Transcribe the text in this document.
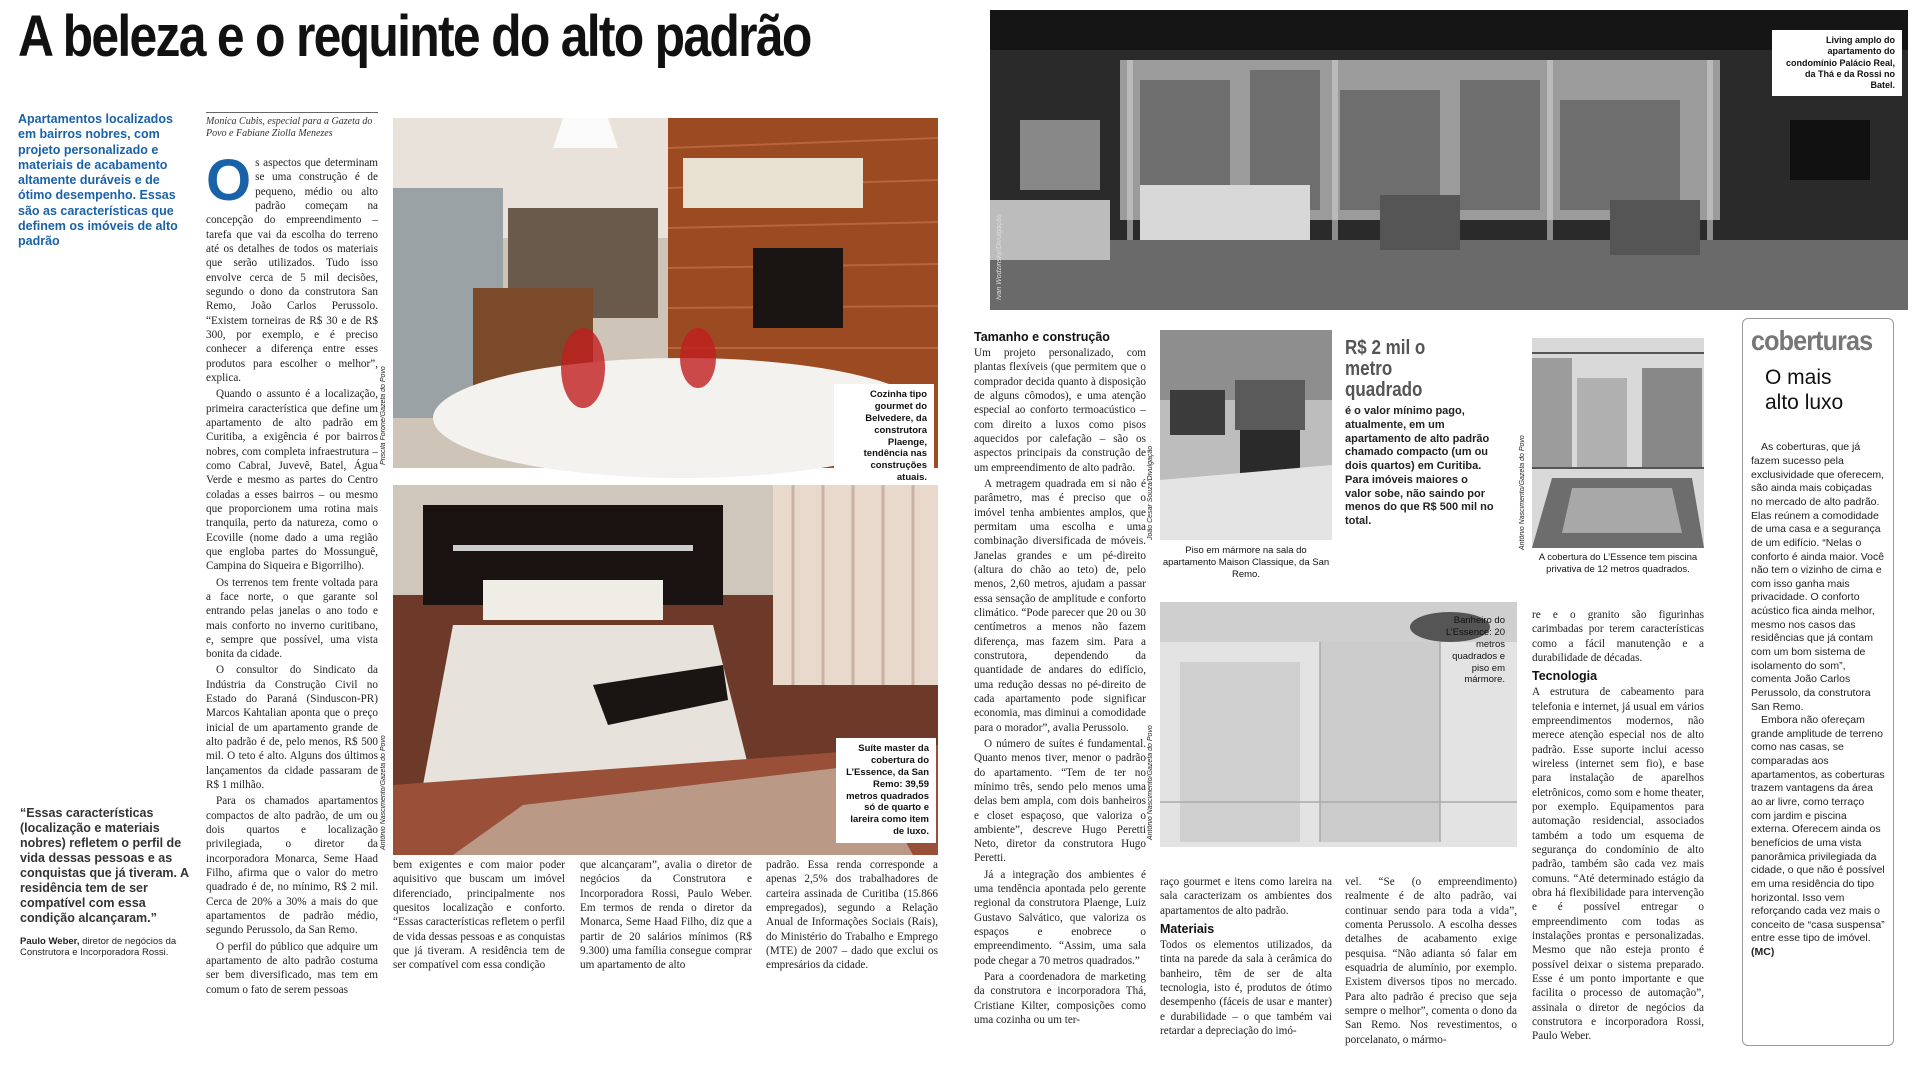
A beleza e o requinte do alto padrão
Apartamentos localizados em bairros nobres, com projeto personalizado e materiais de acabamento altamente duráveis e de ótimo desempenho. Essas são as características que definem os imóveis de alto padrão
“Essas características (localização e materiais nobres) refletem o perfil de vida dessas pessoas e as conquistas que já tiveram. A residência tem de ser compatível com essa condição alcançaram.”
Paulo Weber, diretor de negócios da Construtora e Incorporadora Rossi.
Monica Cubis, especial para a Gazeta do Povo e Fabiane Ziolla Menezes
O s aspectos que determinam se uma construção é de pequeno, médio ou alto padrão começam na concepção do empreendimento – tarefa que vai da escolha do terreno até os detalhes de todos os materiais que serão utilizados. Tudo isso envolve cerca de 5 mil decisões, segundo o dono da construtora San Remo, João Carlos Perussolo. “Existem torneiras de R$ 30 e de R$ 300, por exemplo, e é preciso conhecer a diferença entre esses produtos para escolher o melhor”, explica.

Quando o assunto é a localização, primeira característica que define um apartamento de alto padrão em Curitiba, a exigência é por bairros nobres, com completa infraestrutura – como Cabral, Juvevê, Batel, Água Verde e mesmo as partes do Centro coladas a esses bairros – ou mesmo que proporcionem uma rotina mais tranquila, perto da natureza, como o Ecoville (nome dado a uma região que engloba partes do Mossunguê, Campina do Siqueira e Bigorrilho).

Os terrenos tem frente voltada para a face norte, o que garante sol entrando pelas janelas o ano todo e mais conforto no inverno curitibano, e, sempre que possível, uma vista bonita da cidade.

O consultor do Sindicato da Indústria da Construção Civil no Estado do Paraná (Sinduscon-PR) Marcos Kahtalian aponta que o preço inicial de um apartamento grande de alto padrão é de, pelo menos, R$ 500 mil. O teto é alto. Alguns dos últimos lançamentos da cidade passaram de R$ 1 milhão.

Para os chamados apartamentos compactos de alto padrão, de um ou dois quartos e localização privilegiada, o diretor da incorporadora Monarca, Seme Haad Filho, afirma que o valor do metro quadrado é de, no mínimo, R$ 2 mil. Cerca de 20% a 30% a mais do que apartamentos de padrão médio, segundo Perussolo, da San Remo.

O perfil do público que adquire um apartamento de alto padrão costuma ser bem diversificado, mas tem em comum o fato de serem pessoas

Priscila Forone/Gazeta do Povo	Cozinha tipo gourmet do Belvedere, da construtora Plaenge, tendência nas construções atuais.
Antônio Nascimento/Gazeta do Povo	Suíte master da cobertura do L’Essence, da San Remo: 39,59 metros quadrados só de quarto e lareira como item de luxo.

bem exigentes e com maior poder aquisitivo que buscam um imóvel diferenciado, principalmente nos quesitos localização e conforto. “Essas características refletem o perfil de vida dessas pessoas e as conquistas que já tiveram. A residência tem de ser compatível com essa condição

que alcançaram”, avalia o diretor de negócios da Construtora e Incorporadora Rossi, Paulo Weber. Em termos de renda o diretor da Monarca, Seme Haad Filho, diz que a partir de 20 salários mínimos (R$ 9.300) uma família consegue comprar um apartamento de alto

padrão. Essa renda corresponde a apenas 2,5% dos trabalhadores de carteira assinada de Curitiba (15.866 empregados), segundo a Relação Anual de Informações Sociais (Rais), do Ministério do Trabalho e Emprego (MTE) de 2007 – dado que exclui os empresários da cidade.

Ivan Wodzinsky/Divulgação
Living amplo do apartamento do condomínio Palácio Real, da Thá e da Rossi no Batel.
Tamanho e construção

Um projeto personalizado, com plantas flexíveis (que permitem que o comprador decida quanto à disposição de alguns cômodos), e uma atenção especial ao conforto termoacústico – com direito a luxos como pisos aquecidos por calefação – são os aspectos principais da construção de um empreendimento de alto padrão.

A metragem quadrada em si não é parâmetro, mas é preciso que o imóvel tenha ambientes amplos, que permitam uma escolha e uma combinação diversificada de móveis. Janelas grandes e um pé-direito (altura do chão ao teto) de, pelo menos, 2,60 metros, ajudam a passar essa sensação de amplitude e conforto climático. “Pode parecer que 20 ou 30 centímetros a menos não fazem diferença, mas fazem sim. Para a construtora, dependendo da quantidade de andares do edifício, uma redução dessas no pé-direito de cada apartamento pode significar economia, mas diminui a comodidade para o morador”, avalia Perussolo.

O número de suítes é fundamental. Quanto menos tiver, menor o padrão do apartamento. “Tem de ter no mínimo três, sendo pelo menos uma delas bem ampla, com dois banheiros e closet espaçoso, que valoriza o ambiente”, descreve Hugo Peretti Neto, diretor da construtora Hugo Peretti.

Já a integração dos ambientes é uma tendência apontada pelo gerente regional da construtora Plaenge, Luiz Gustavo Salvático, que valoriza os espaços e enobrece o empreendimento. “Assim, uma sala pode chegar a 70 metros quadrados.”

Para a coordenadora de marketing da construtora e incorporadora Thá, Cristiane Kilter, composições como uma cozinha ou um ter-

João Cesar Souza/Divulgação
Piso em mármore na sala do apartamento Maison Classique, da San Remo.
R$ 2 mil o metro
quadrado
é o valor mínimo pago, atualmente, em um apartamento de alto padrão chamado compacto (um ou dois quartos) em Curitiba. Para imóveis maiores o valor sobe, não saindo por menos do que R$ 500 mil no total.	Antônio Nascimento/Gazeta do Povo
A cobertura do L’Essence tem piscina privativa de 12 metros quadrados.
Antônio Nascimento/Gazeta do Povo
Banheiro do L’Essence: 20 metros quadrados e piso em mármore.

raço gourmet e itens como lareira na sala caracterizam os ambientes dos apartamentos de alto padrão.

Materiais

Todos os elementos utilizados, da tinta na parede da sala à cerâmica do banheiro, têm de ser de alta tecnologia, isto é, produtos de ótimo desempenho (fáceis de usar e manter) e durabilidade – o que também vai retardar a depreciação do imó-

vel. “Se (o empreendimento) realmente é de alto padrão, vai continuar sendo para toda a vida”, comenta Perussolo. A escolha desses detalhes de acabamento exige pesquisa. “Não adianta só falar em esquadria de alumínio, por exemplo. Existem diversos tipos no mercado. Para alto padrão é preciso que seja sempre o melhor”, comenta o dono da San Remo. Nos revestimentos, o porcelanato, o mármo-

re e o granito são figurinhas carimbadas por terem características como a fácil manutenção e a durabilidade de décadas.

Tecnologia

A estrutura de cabeamento para telefonia e internet, já usual em vários empreendimentos modernos, não merece atenção especial nos de alto padrão. Esse suporte inclui acesso wireless (internet sem fio), e base para instalação de aparelhos eletrônicos, como som e home theater, por exemplo. Equipamentos para automação residencial, associados também a todo um esquema de segurança do condomínio de alto padrão, também são cada vez mais comuns. “Até determinado estágio da obra há flexibilidade para intervenção e é possível entregar o empreendimento com todas as instalações prontas e personalizadas. Mesmo que não esteja pronto é possível deixar o sistema preparado. Esse é um ponto importante e que facilita o processo de automação”, assinala o diretor de negócios da construtora e incorporadora Rossi, Paulo Weber.

coberturas
O mais
alto luxo

As coberturas, que já fazem sucesso pela exclusividade que oferecem, são ainda mais cobiçadas no mercado de alto padrão. Elas reúnem a comodidade de uma casa e a segurança de um edifício. “Nelas o conforto é ainda maior. Você não tem o vizinho de cima e com isso ganha mais privacidade. O conforto acústico fica ainda melhor, mesmo nos casos das residências que já contam com um bom sistema de isolamento do som”, comenta João Carlos Perussolo, da construtora San Remo.

Embora não ofereçam grande amplitude de terreno como nas casas, se comparadas aos apartamentos, as coberturas trazem vantagens da área ao ar livre, como terraço com jardim e piscina externa. Oferecem ainda os benefícios de uma vista panorâmica privilegiada da cidade, o que não é possível em uma residência do tipo horizontal. Isso vem reforçando cada vez mais o conceito de “casa suspensa” entre esse tipo de imóvel.

(MC)
